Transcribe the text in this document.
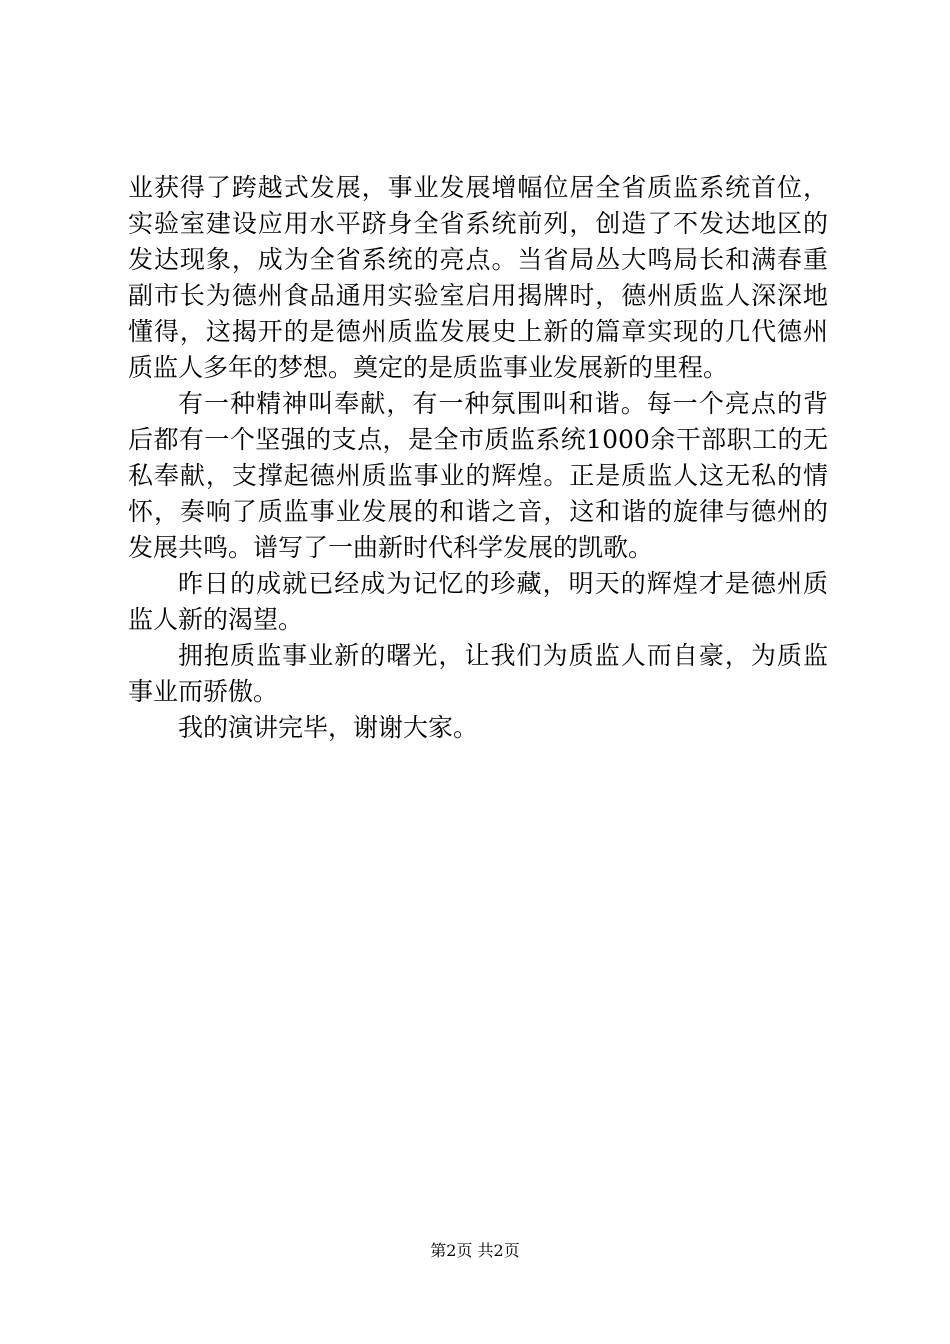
业获得了跨越式发展，事业发展增幅位居全省质监系统首位，
实验室建设应用水平跻身全省系统前列，创造了不发达地区的
发达现象，成为全省系统的亮点。当省局丛大鸣局长和满春重
副市长为德州食品通用实验室启用揭牌时，德州质监人深深地
懂得，这揭开的是德州质监发展史上新的篇章实现的几代德州
质监人多年的梦想。奠定的是质监事业发展新的里程。
有一种精神叫奉献，有一种氛围叫和谐。每一个亮点的背
后都有一个坚强的支点，是全市质监系统1000余干部职工的无
私奉献，支撑起德州质监事业的辉煌。正是质监人这无私的情
怀，奏响了质监事业发展的和谐之音，这和谐的旋律与德州的
发展共鸣。谱写了一曲新时代科学发展的凯歌。
昨日的成就已经成为记忆的珍藏，明天的辉煌才是德州质
监人新的渴望。
拥抱质监事业新的曙光，让我们为质监人而自豪，为质监
事业而骄傲。
我的演讲完毕，谢谢大家。
第2页 共2页
